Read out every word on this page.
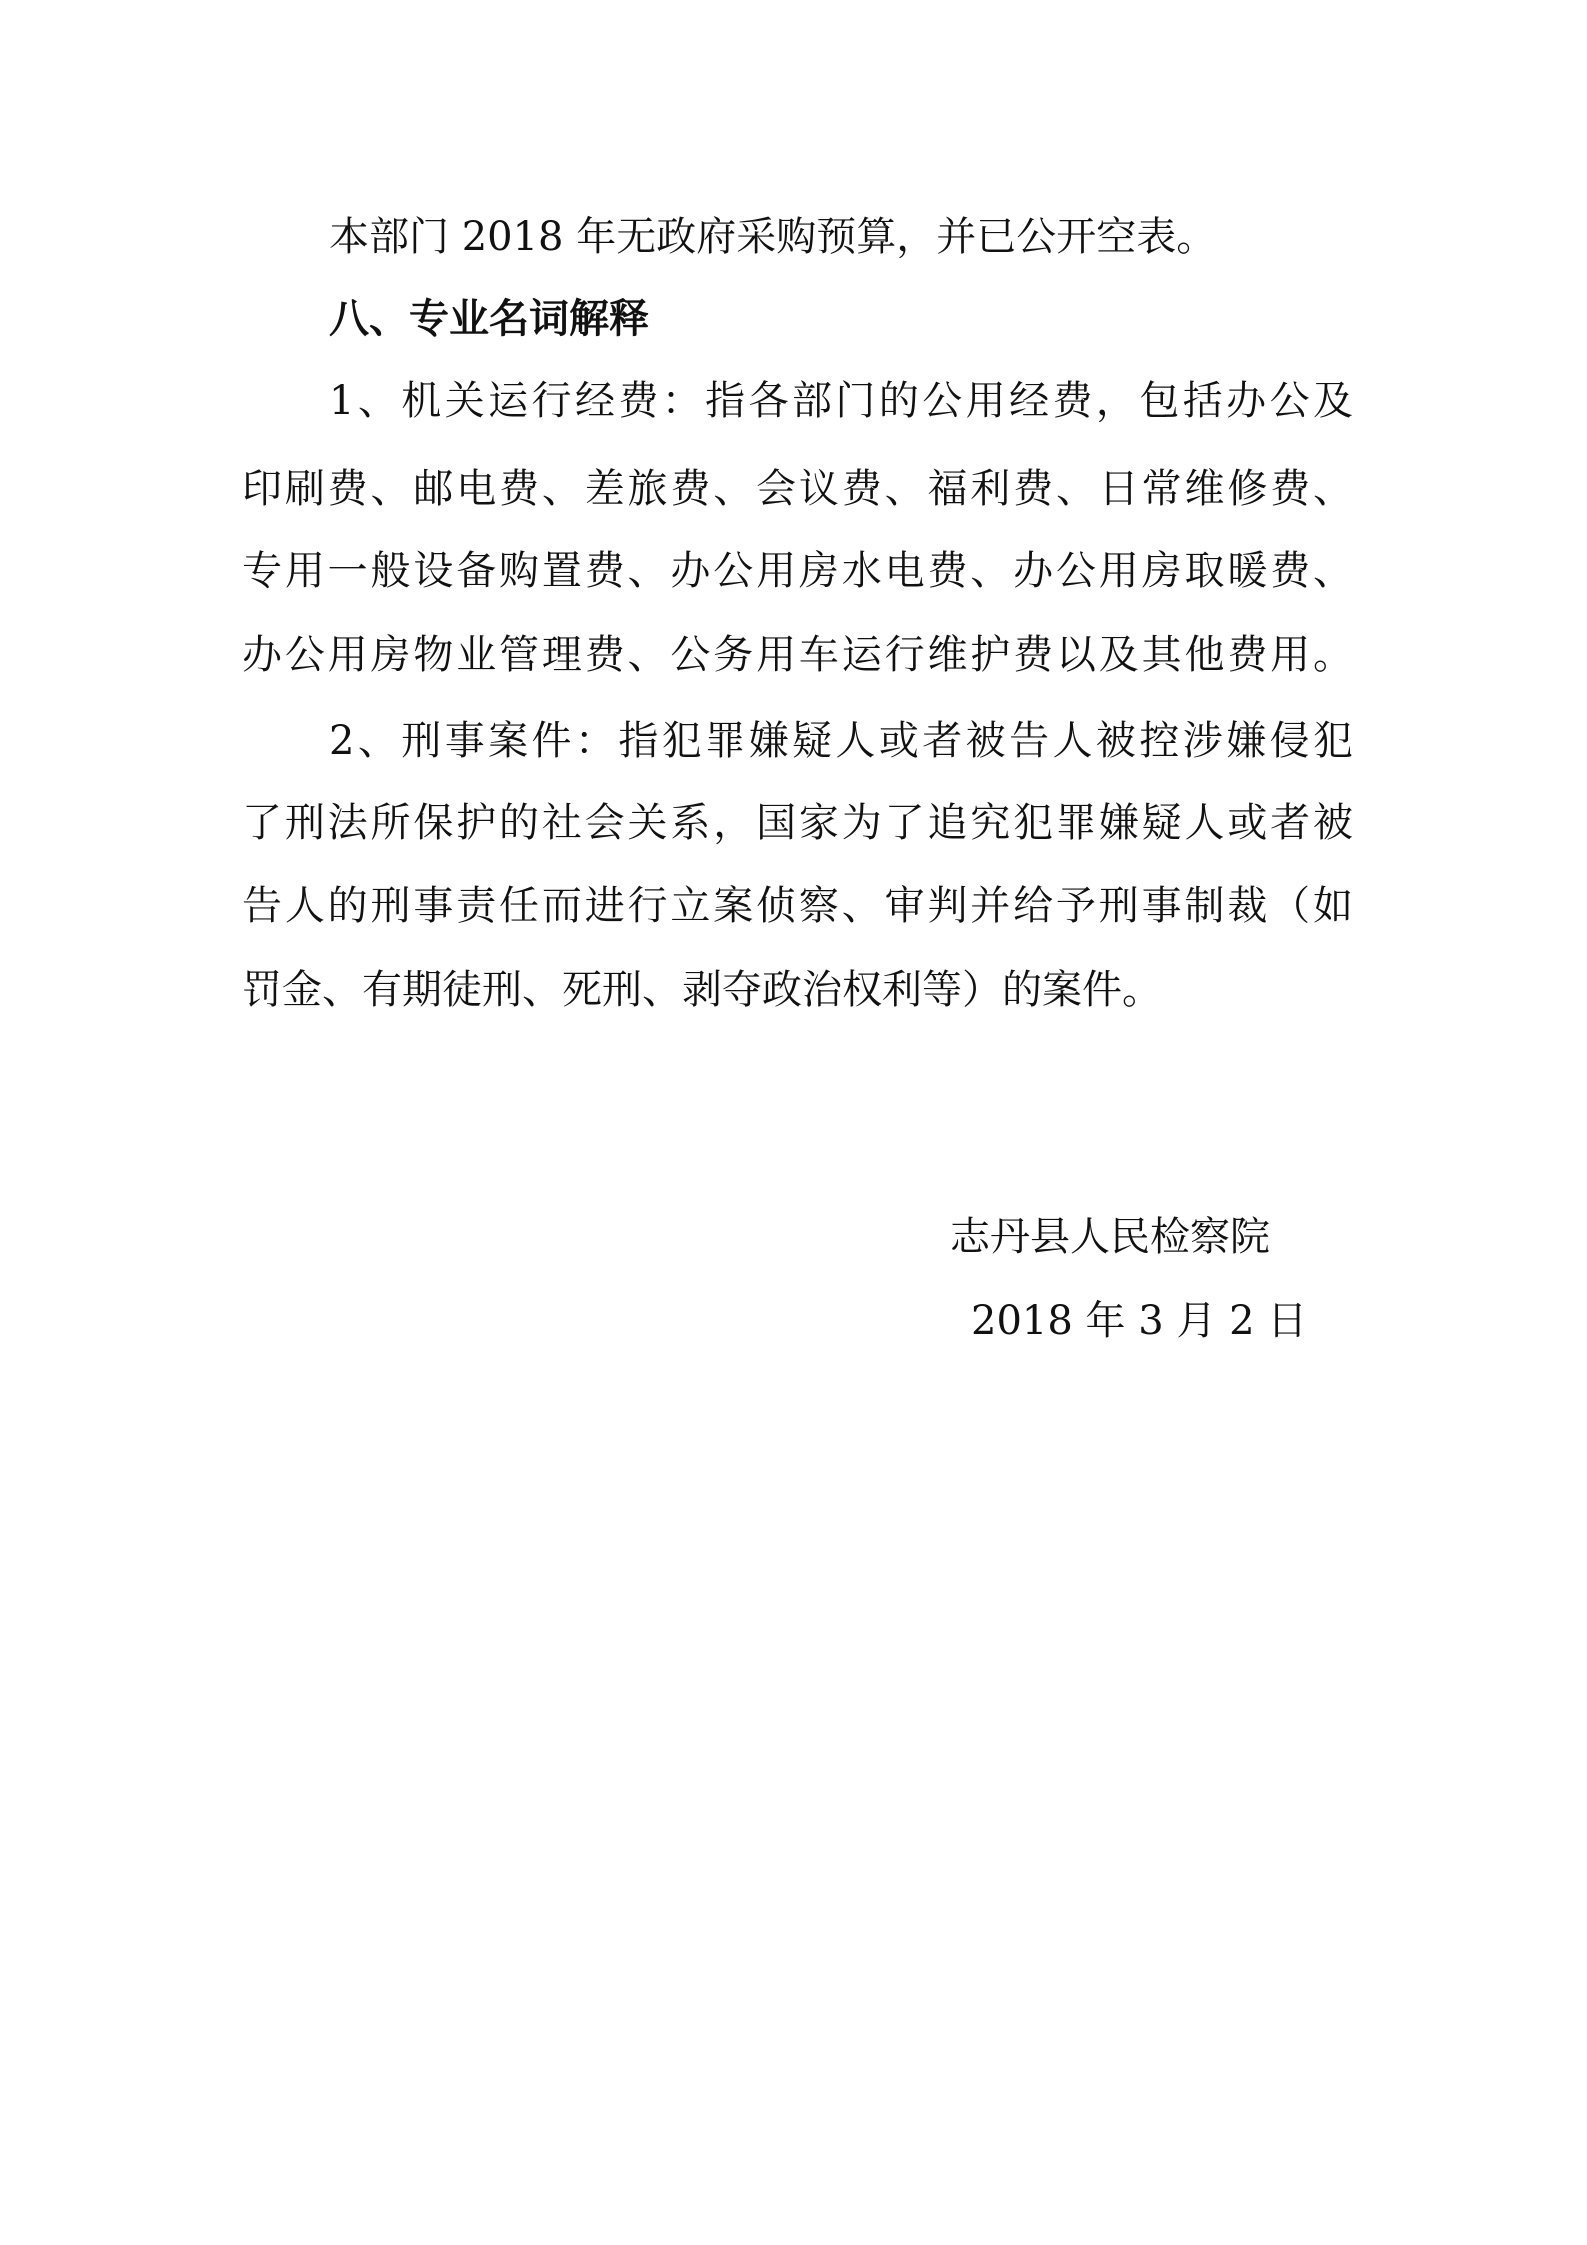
本部门 2018 年无政府采购预算，并已公开空表。

八、专业名词解释

1、机关运行经费：指各部门的公用经费，包括办公及

印刷费、邮电费、差旅费、会议费、福利费、日常维修费、

专用一般设备购置费、办公用房水电费、办公用房取暖费、

办公用房物业管理费、公务用车运行维护费以及其他费用。

2、刑事案件：指犯罪嫌疑人或者被告人被控涉嫌侵犯

了刑法所保护的社会关系，国家为了追究犯罪嫌疑人或者被

告人的刑事责任而进行立案侦察、审判并给予刑事制裁（如

罚金、有期徒刑、死刑、剥夺政治权利等）的案件。

志丹县人民检察院

2018 年 3 月 2 日
